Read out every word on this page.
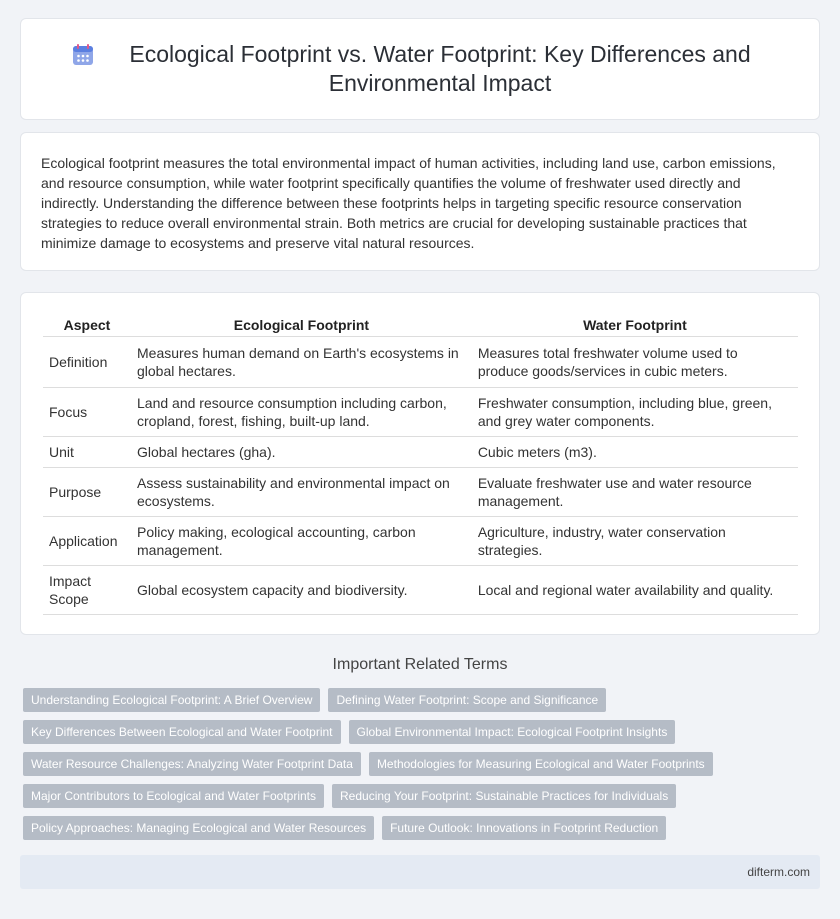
Ecological Footprint vs. Water Footprint: Key Differences and Environmental Impact

Ecological footprint measures the total environmental impact of human activities, including land use, carbon emissions, and resource consumption, while water footprint specifically quantifies the volume of freshwater used directly and indirectly. Understanding the difference between these footprints helps in targeting specific resource conservation strategies to reduce overall environmental strain. Both metrics are crucial for developing sustainable practices that minimize damage to ecosystems and preserve vital natural resources.

Aspect	Ecological Footprint	Water Footprint
Definition	Measures human demand on Earth's ecosystems in global hectares.	Measures total freshwater volume used to produce goods/services in cubic meters.
Focus	Land and resource consumption including carbon, cropland, forest, fishing, built-up land.	Freshwater consumption, including blue, green, and grey water components.
Unit	Global hectares (gha).	Cubic meters (m3).
Purpose	Assess sustainability and environmental impact on ecosystems.	Evaluate freshwater use and water resource management.
Application	Policy making, ecological accounting, carbon management.	Agriculture, industry, water conservation strategies.
Impact Scope	Global ecosystem capacity and biodiversity.	Local and regional water availability and quality.
Important Related Terms
Understanding Ecological Footprint: A Brief Overview	Defining Water Footprint: Scope and Significance
Key Differences Between Ecological and Water Footprint	Global Environmental Impact: Ecological Footprint Insights
Water Resource Challenges: Analyzing Water Footprint Data	Methodologies for Measuring Ecological and Water Footprints
Major Contributors to Ecological and Water Footprints	Reducing Your Footprint: Sustainable Practices for Individuals
Policy Approaches: Managing Ecological and Water Resources	Future Outlook: Innovations in Footprint Reduction
difterm.com
